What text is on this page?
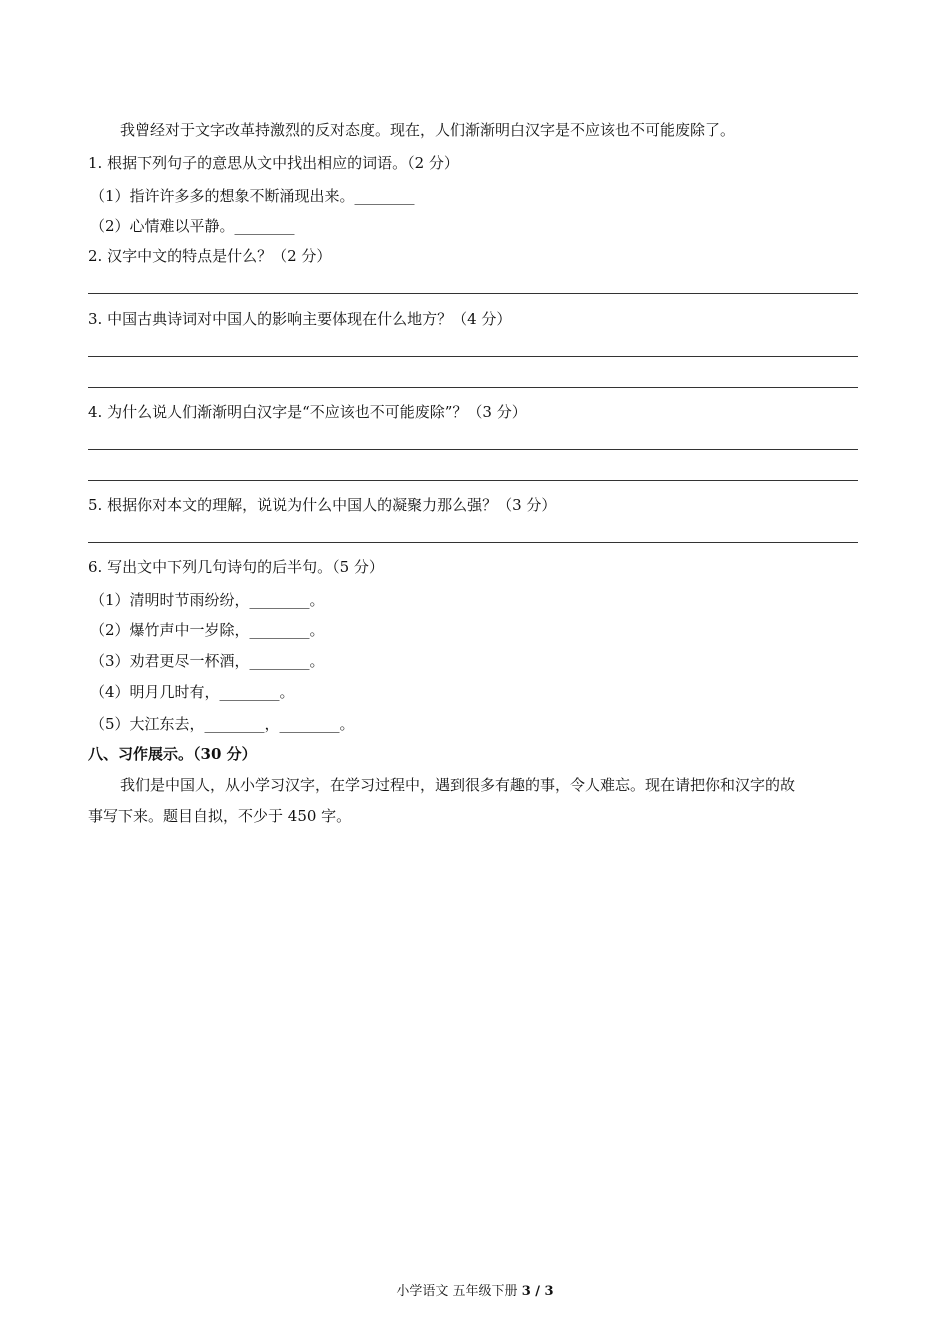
我曾经对于文字改革持激烈的反对态度。现在，人们渐渐明白汉字是不应该也不可能废除了。
1. 根据下列句子的意思从文中找出相应的词语。（2 分）
（1）指许许多多的想象不断涌现出来。________
（2）心情难以平静。________
2. 汉字中文的特点是什么？（2 分）
3. 中国古典诗词对中国人的影响主要体现在什么地方？（4 分）
4. 为什么说人们渐渐明白汉字是“不应该也不可能废除”？（3 分）
5. 根据你对本文的理解，说说为什么中国人的凝聚力那么强？（3 分）
6. 写出文中下列几句诗句的后半句。（5 分）
（1）清明时节雨纷纷，________。
（2）爆竹声中一岁除，________。
（3）劝君更尽一杯酒，________。
（4）明月几时有，________。
（5）大江东去，________，________。
八、习作展示。（30 分）
我们是中国人，从小学习汉字，在学习过程中，遇到很多有趣的事，令人难忘。现在请把你和汉字的故
事写下来。题目自拟，不少于 450 字。
小学语文 五年级下册 3 / 3
